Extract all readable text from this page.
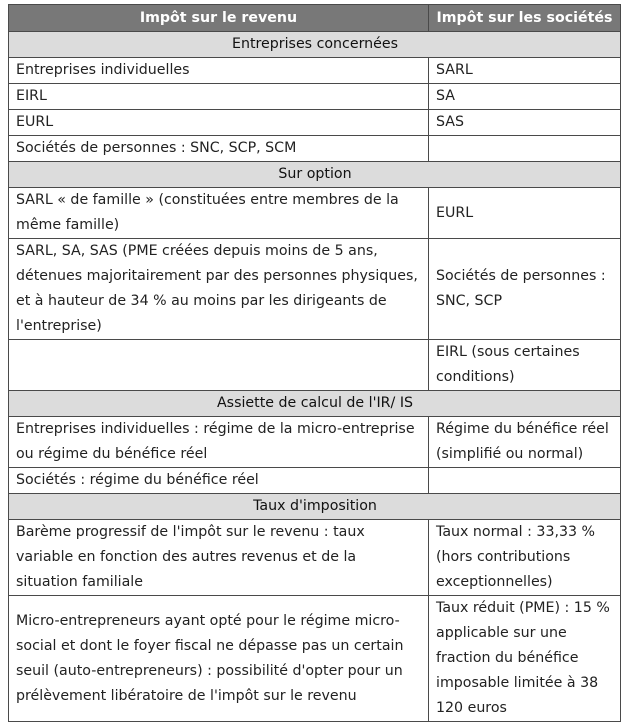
Impôt sur le revenu	Impôt sur les sociétés
Entreprises concernées	
Entreprises individuelles	SARL
EIRL	SA
EURL	SAS
Sociétés de personnes : SNC, SCP, SCM	
Sur option	
SARL « de famille » (constituées entre membres de la même famille)	EURL
SARL, SA, SAS (PME créées depuis moins de 5 ans, détenues majoritairement par des personnes physiques, et à hauteur de 34 % au moins par les dirigeants de l'entreprise)	Sociétés de personnes : SNC, SCP
	EIRL (sous certaines conditions)
Assiette de calcul de l'IR/ IS	
Entreprises individuelles : régime de la micro-entreprise ou régime du bénéfice réel	Régime du bénéfice réel (simplifié ou normal)
Sociétés : régime du bénéfice réel	
Taux d'imposition	
Barème progressif de l'impôt sur le revenu : taux variable en fonction des autres revenus et de la situation familiale	Taux normal : 33,33 % (hors contributions exceptionnelles)
Micro-entrepreneurs ayant opté pour le régime micro-social et dont le foyer fiscal ne dépasse pas un certain seuil (auto-entrepreneurs) : possibilité d'opter pour un prélèvement libératoire de l'impôt sur le revenu	Taux réduit (PME) : 15 % applicable sur une fraction du bénéfice imposable limitée à 38 120 euros
